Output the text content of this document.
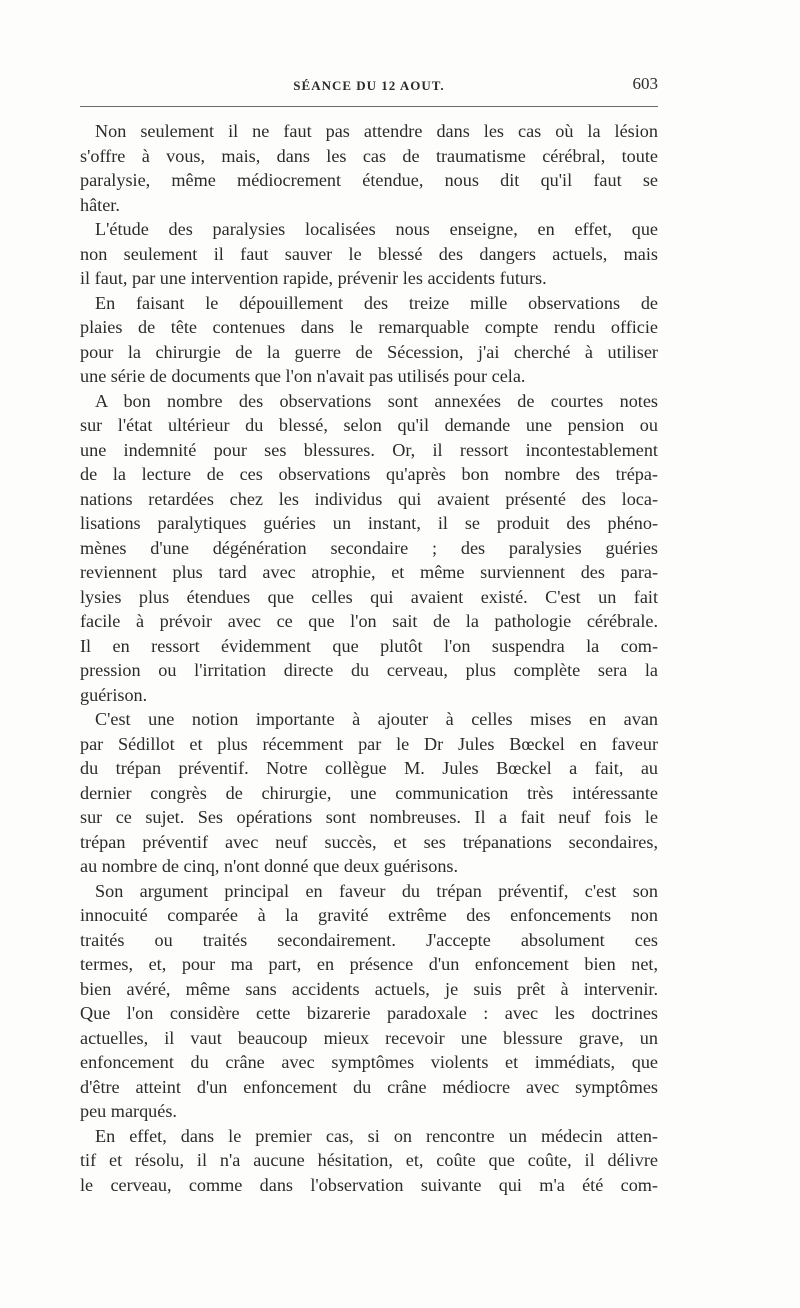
SÉANCE DU 12 AOUT.	603
Non seulement il ne faut pas attendre dans les cas où la lésion
s'offre à vous, mais, dans les cas de traumatisme cérébral, toute
paralysie, même médiocrement étendue, nous dit qu'il faut se
hâter.
L'étude des paralysies localisées nous enseigne, en effet, que
non seulement il faut sauver le blessé des dangers actuels, mais
il faut, par une intervention rapide, prévenir les accidents futurs.
En faisant le dépouillement des treize mille observations de
plaies de tête contenues dans le remarquable compte rendu officie
pour la chirurgie de la guerre de Sécession, j'ai cherché à utiliser
une série de documents que l'on n'avait pas utilisés pour cela.
A bon nombre des observations sont annexées de courtes notes
sur l'état ultérieur du blessé, selon qu'il demande une pension ou
une indemnité pour ses blessures. Or, il ressort incontestablement
de la lecture de ces observations qu'après bon nombre des trépa-
nations retardées chez les individus qui avaient présenté des loca-
lisations paralytiques guéries un instant, il se produit des phéno-
mènes d'une dégénération secondaire ; des paralysies guéries
reviennent plus tard avec atrophie, et même surviennent des para-
lysies plus étendues que celles qui avaient existé. C'est un fait
facile à prévoir avec ce que l'on sait de la pathologie cérébrale.
Il en ressort évidemment que plutôt l'on suspendra la com-
pression ou l'irritation directe du cerveau, plus complète sera la
guérison.
C'est une notion importante à ajouter à celles mises en avan
par Sédillot et plus récemment par le Dr Jules Bœckel en faveur
du trépan préventif. Notre collègue M. Jules Bœckel a fait, au
dernier congrès de chirurgie, une communication très intéressante
sur ce sujet. Ses opérations sont nombreuses. Il a fait neuf fois le
trépan préventif avec neuf succès, et ses trépanations secondaires,
au nombre de cinq, n'ont donné que deux guérisons.
Son argument principal en faveur du trépan préventif, c'est son
innocuité comparée à la gravité extrême des enfoncements non
traités ou traités secondairement. J'accepte absolument ces
termes, et, pour ma part, en présence d'un enfoncement bien net,
bien avéré, même sans accidents actuels, je suis prêt à intervenir.
Que l'on considère cette bizarerie paradoxale : avec les doctrines
actuelles, il vaut beaucoup mieux recevoir une blessure grave, un
enfoncement du crâne avec symptômes violents et immédiats, que
d'être atteint d'un enfoncement du crâne médiocre avec symptômes
peu marqués.
En effet, dans le premier cas, si on rencontre un médecin atten-
tif et résolu, il n'a aucune hésitation, et, coûte que coûte, il délivre
le cerveau, comme dans l'observation suivante qui m'a été com-
